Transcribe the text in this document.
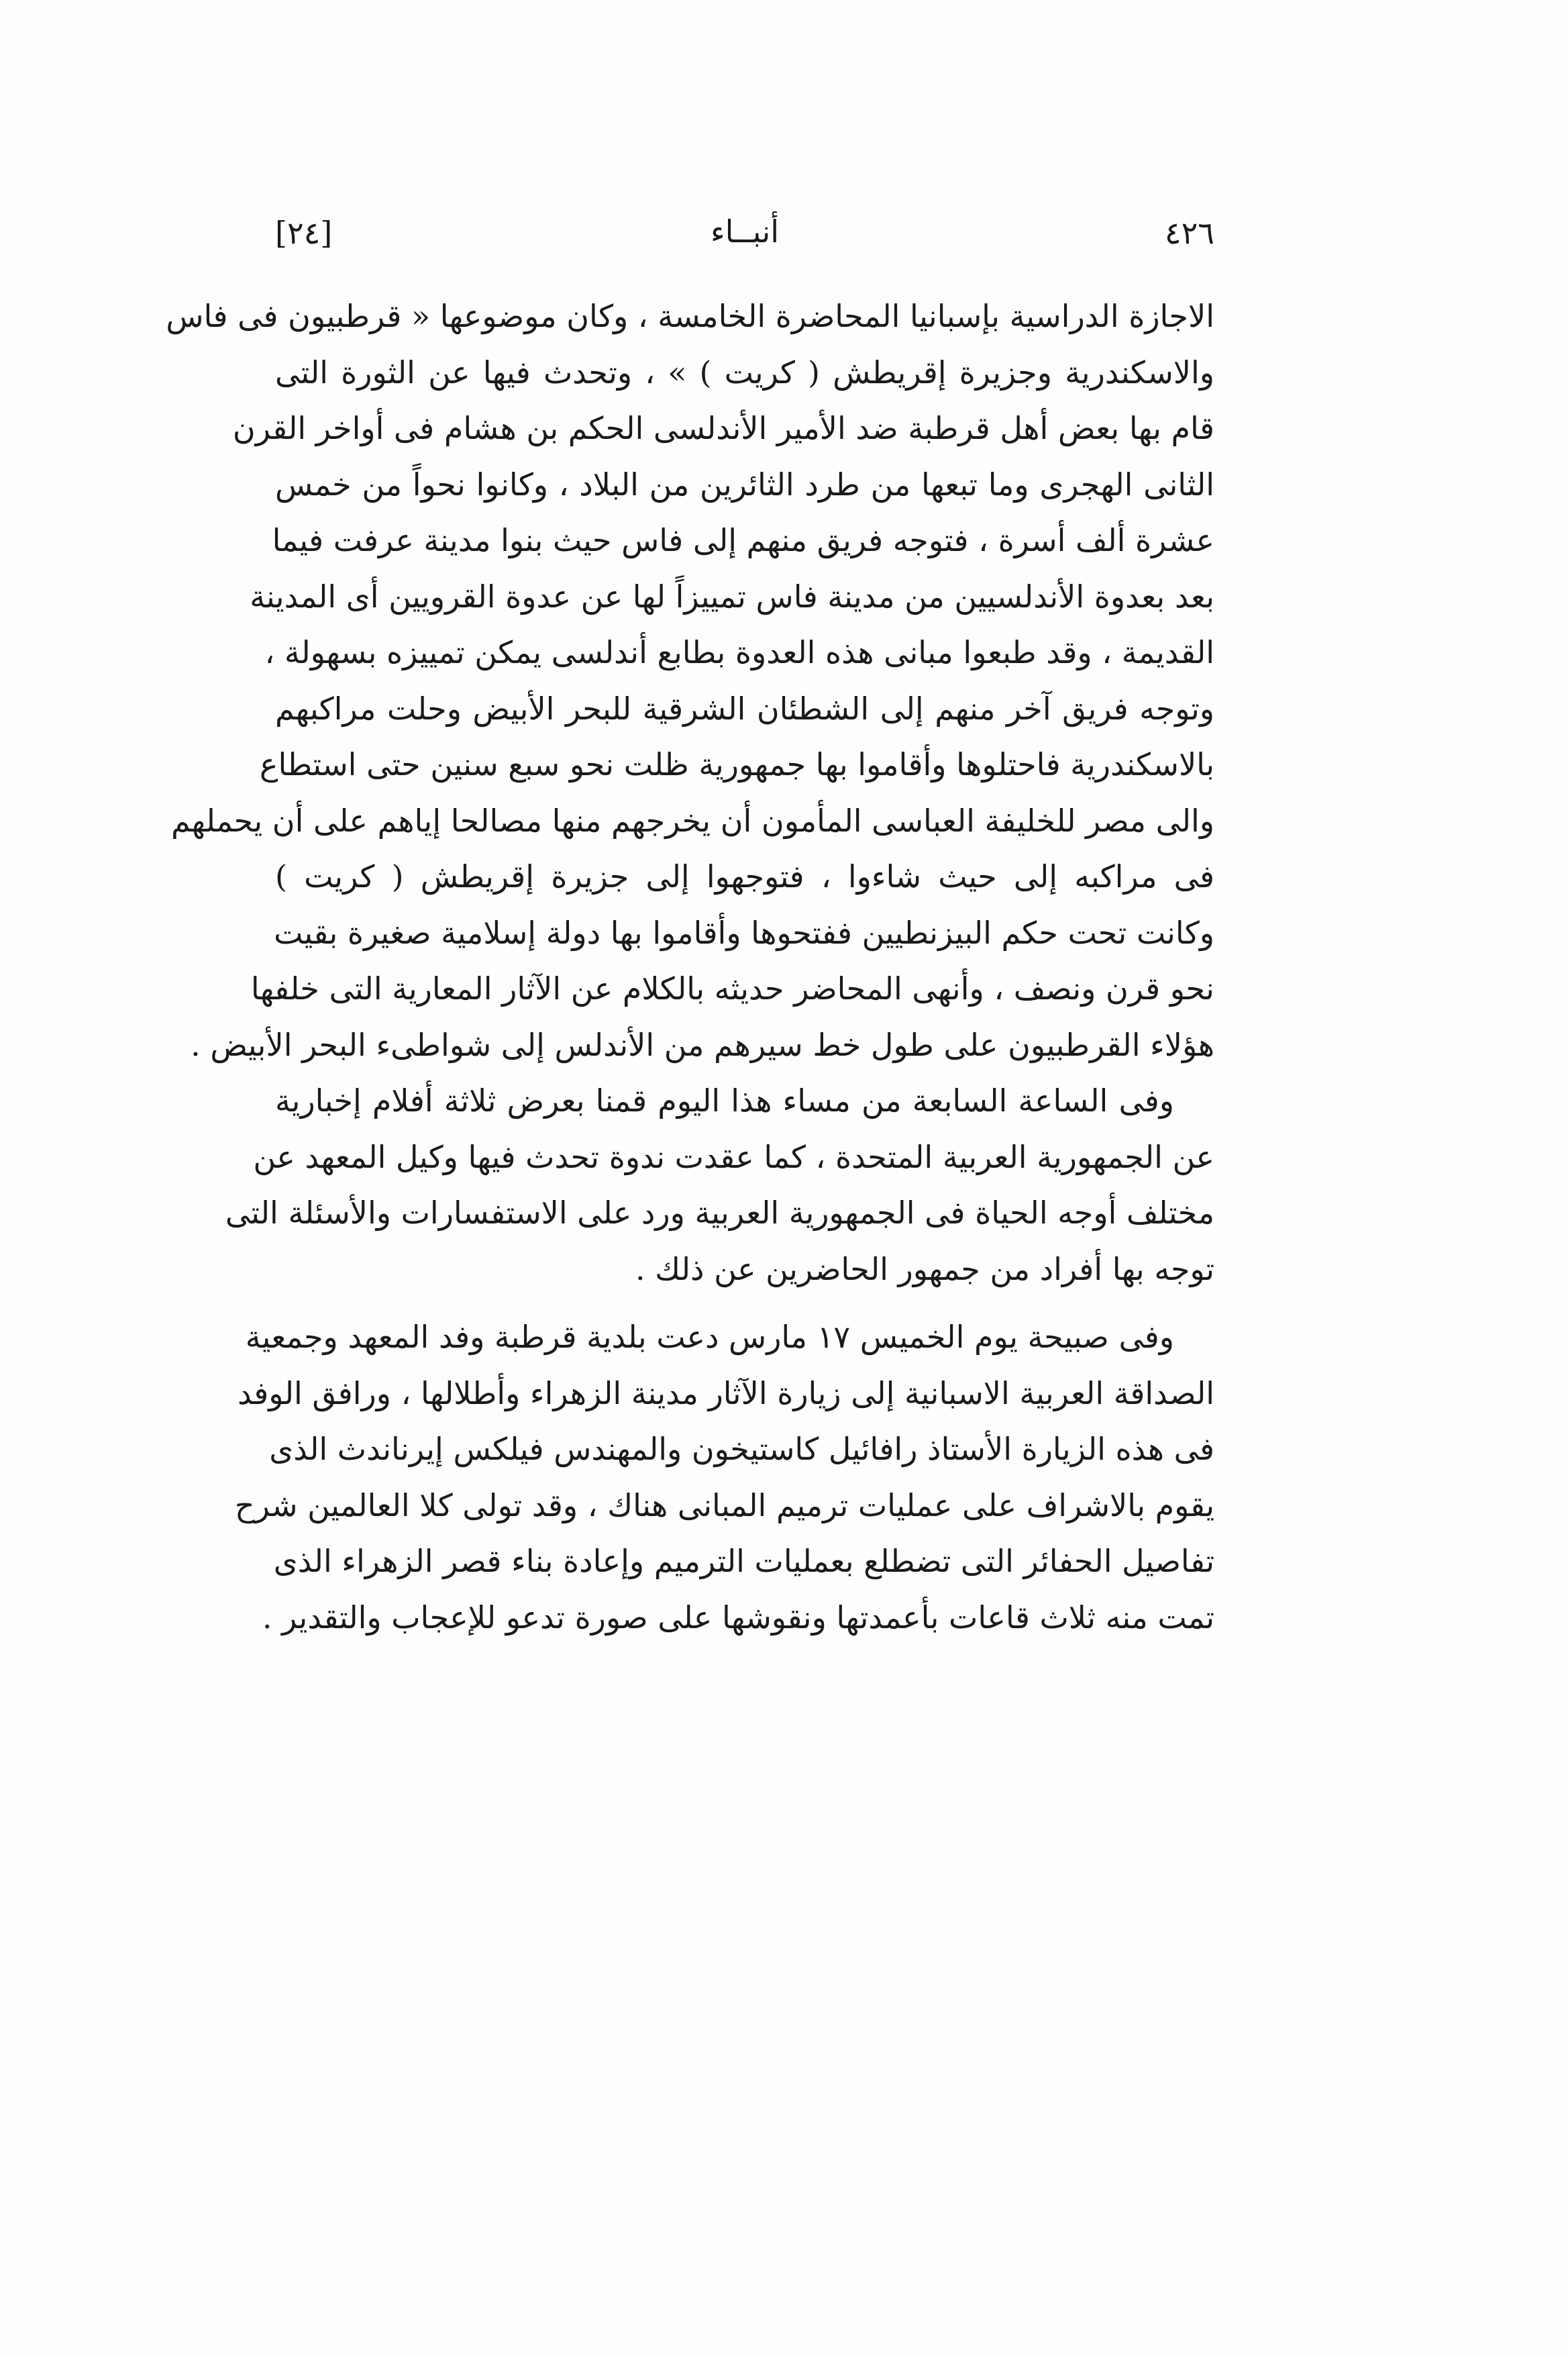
٤٢٦
أنبــاء
[٢٤]

الاجازة الدراسية بإسبانيا المحاضرة الخامسة ، وكان موضوعها « قرطبيون فى فاس
والاسكندرية وجزيرة إقريطش ( كريت ) » ، وتحدث فيها عن الثورة التى
قام بها بعض أهل قرطبة ضد الأمير الأندلسى الحكم بن هشام فى أواخر القرن
الثانى الهجرى وما تبعها من طرد الثائرين من البلاد ، وكانوا نحواً من خمس
عشرة ألف أسرة ، فتوجه فريق منهم إلى فاس حيث بنوا مدينة عرفت فيما
بعد بعدوة الأندلسيين من مدينة فاس تمييزاً لها عن عدوة القرويين أى المدينة
القديمة ، وقد طبعوا مبانى هذه العدوة بطابع أندلسى يمكن تمييزه بسهولة ،
وتوجه فريق آخر منهم إلى الشطئان الشرقية للبحر الأبيض وحلت مراكبهم
بالاسكندرية فاحتلوها وأقاموا بها جمهورية ظلت نحو سبع سنين حتى استطاع
والى مصر للخليفة العباسى المأمون أن يخرجهم منها مصالحا إياهم على أن يحملهم
فى مراكبه إلى حيث شاءوا ، فتوجهوا إلى جزيرة إقريطش ( كريت )
وكانت تحت حكم البيزنطيين ففتحوها وأقاموا بها دولة إسلامية صغيرة بقيت
نحو قرن ونصف ، وأنهى المحاضر حديثه بالكلام عن الآثار المعارية التى خلفها
هؤلاء القرطبيون على طول خط سيرهم من الأندلس إلى شواطىء البحر الأبيض .

وفى الساعة السابعة من مساء هذا اليوم قمنا بعرض ثلاثة أفلام إخبارية
عن الجمهورية العربية المتحدة ، كما عقدت ندوة تحدث فيها وكيل المعهد عن
مختلف أوجه الحياة فى الجمهورية العربية ورد على الاستفسارات والأسئلة التى
توجه بها أفراد من جمهور الحاضرين عن ذلك .

وفى صبيحة يوم الخميس ١٧ مارس دعت بلدية قرطبة وفد المعهد وجمعية
الصداقة العربية الاسبانية إلى زيارة الآثار مدينة الزهراء وأطلالها ، ورافق الوفد
فى هذه الزيارة الأستاذ رافائيل كاستيخون والمهندس فيلكس إيرناندث الذى
يقوم بالاشراف على عمليات ترميم المبانى هناك ، وقد تولى كلا العالمين شرح
تفاصيل الحفائر التى تضطلع بعمليات الترميم وإعادة بناء قصر الزهراء الذى
تمت منه ثلاث قاعات بأعمدتها ونقوشها على صورة تدعو للإعجاب والتقدير .
